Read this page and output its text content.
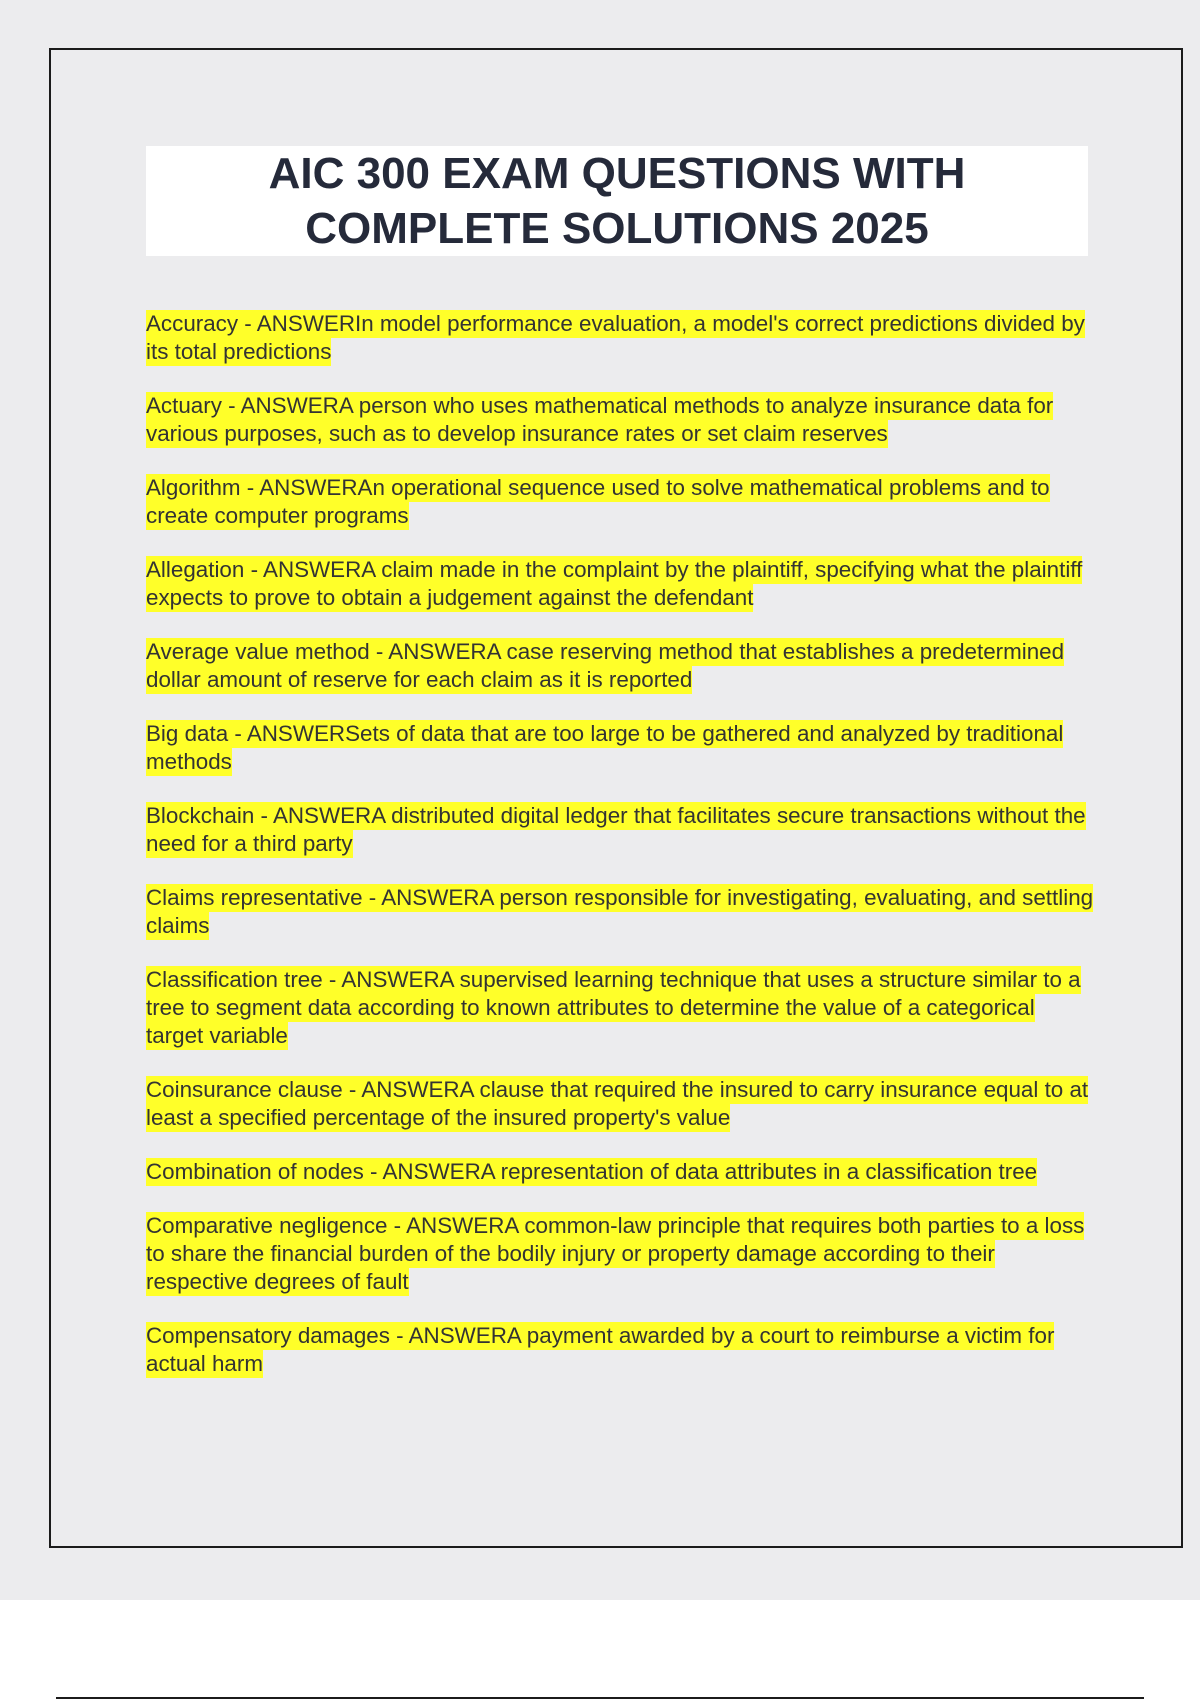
AIC 300 EXAM QUESTIONS WITH
COMPLETE SOLUTIONS 2025

Accuracy - ANSWERIn model performance evaluation, a model's correct predictions divided by its total predictions

Actuary - ANSWERA person who uses mathematical methods to analyze insurance data for various purposes, such as to develop insurance rates or set claim reserves

Algorithm - ANSWERAn operational sequence used to solve mathematical problems and to create computer programs

Allegation - ANSWERA claim made in the complaint by the plaintiff, specifying what the plaintiff expects to prove to obtain a judgement against the defendant

Average value method - ANSWERA case reserving method that establishes a predetermined dollar amount of reserve for each claim as it is reported

Big data - ANSWERSets of data that are too large to be gathered and analyzed by traditional methods

Blockchain - ANSWERA distributed digital ledger that facilitates secure transactions without the need for a third party

Claims representative - ANSWERA person responsible for investigating, evaluating, and settling claims

Classification tree - ANSWERA supervised learning technique that uses a structure similar to a tree to segment data according to known attributes to determine the value of a categorical target variable

Coinsurance clause - ANSWERA clause that required the insured to carry insurance equal to at least a specified percentage of the insured property's value

Combination of nodes - ANSWERA representation of data attributes in a classification tree

Comparative negligence - ANSWERA common-law principle that requires both parties to a loss to share the financial burden of the bodily injury or property damage according to their respective degrees of fault

Compensatory damages - ANSWERA payment awarded by a court to reimburse a victim for actual harm
